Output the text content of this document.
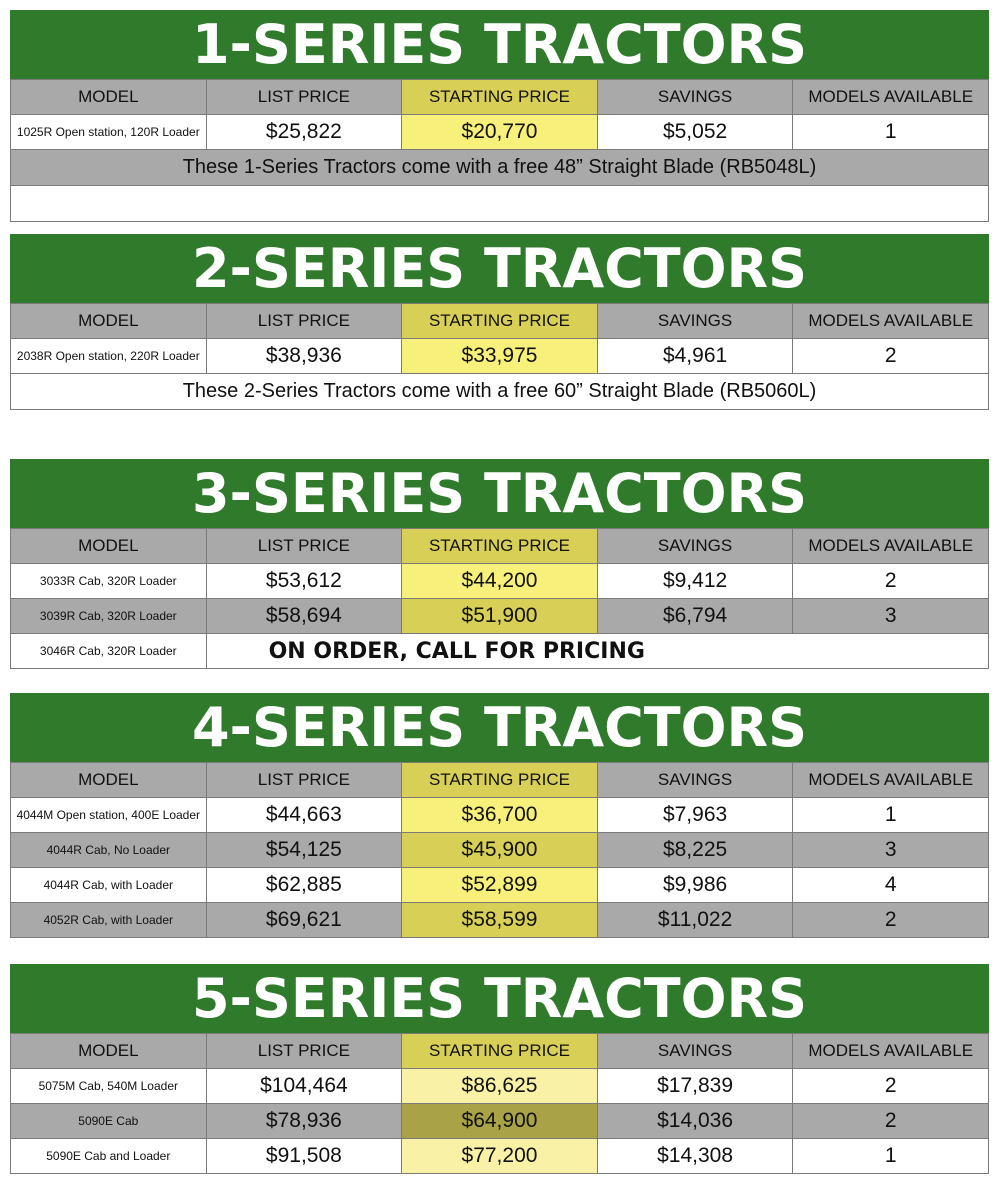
1-SERIES TRACTORS
MODEL	LIST PRICE	STARTING PRICE	SAVINGS	MODELS AVAILABLE
1025R Open station, 120R Loader	$25,822	$20,770	$5,052	1
These 1-Series Tractors come with a free 48” Straight Blade (RB5048L)
2-SERIES TRACTORS
MODEL	LIST PRICE	STARTING PRICE	SAVINGS	MODELS AVAILABLE
2038R Open station, 220R Loader	$38,936	$33,975	$4,961	2
These 2-Series Tractors come with a free 60” Straight Blade (RB5060L)
3-SERIES TRACTORS
MODEL	LIST PRICE	STARTING PRICE	SAVINGS	MODELS AVAILABLE
3033R Cab, 320R Loader	$53,612	$44,200	$9,412	2
3039R Cab, 320R Loader	$58,694	$51,900	$6,794	3
3046R Cab, 320R Loader	ON ORDER, CALL FOR PRICING			
4-SERIES TRACTORS
MODEL	LIST PRICE	STARTING PRICE	SAVINGS	MODELS AVAILABLE
4044M Open station, 400E Loader	$44,663	$36,700	$7,963	1
4044R Cab, No Loader	$54,125	$45,900	$8,225	3
4044R Cab, with Loader	$62,885	$52,899	$9,986	4
4052R Cab, with Loader	$69,621	$58,599	$11,022	2
5-SERIES TRACTORS
MODEL	LIST PRICE	STARTING PRICE	SAVINGS	MODELS AVAILABLE
5075M Cab, 540M Loader	$104,464	$86,625	$17,839	2
5090E Cab	$78,936	$64,900	$14,036	2
5090E Cab and Loader	$91,508	$77,200	$14,308	1
